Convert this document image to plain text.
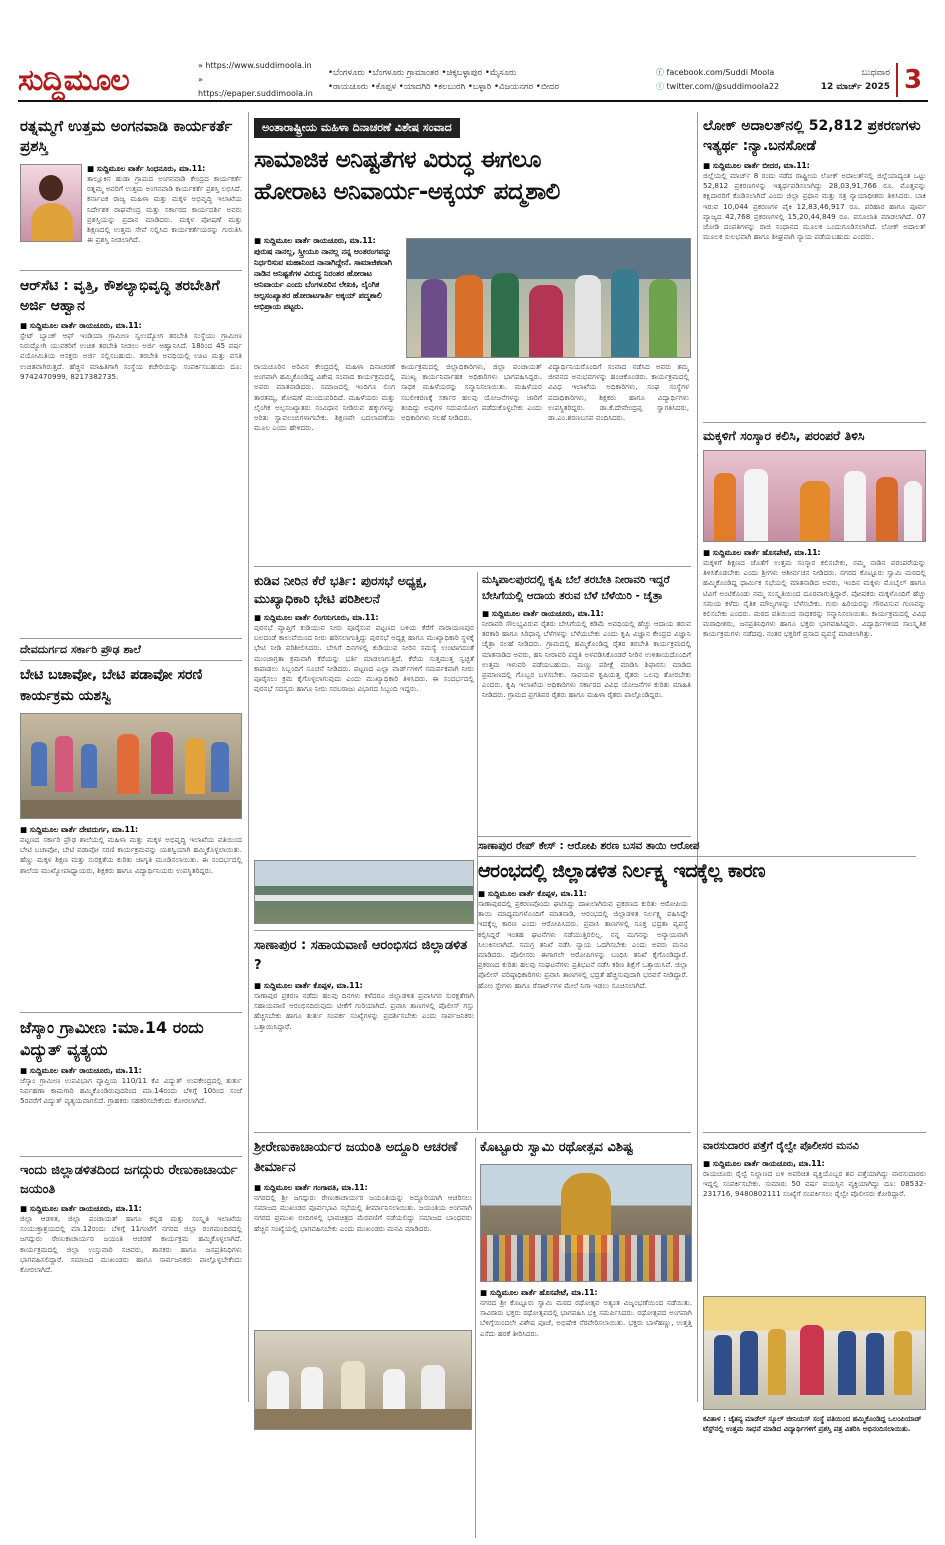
ಸುದ್ದಿಮೂಲ	» https://www.suddimoola.in
» https://epaper.suddimoola.in
•ಬೆಂಗಳೂರು •ಬೆಂಗಳೂರು ಗ್ರಾಮಾಂತರ •ಚಿಕ್ಕಬಳ್ಳಾಪುರ •ಮೈಸೂರು
•ರಾಯಚೂರು •ಕೊಪ್ಪಳ •ಯಾದಗಿರಿ •ಕಲಬುರಗಿ •ಬಳ್ಳಾರಿ •ವಿಜಯನಗರ •ಬೀದರ
ⓕ facebook.com/Suddi Moola
ⓣ twitter.com/@suddimoola22
ಬುಧವಾರ
12 ಮಾರ್ಚ್ 2025 3
ರತ್ನಮ್ಮಗೆ ಉತ್ತಮ ಅಂಗನವಾಡಿ ಕಾರ್ಯಕರ್ತೆ ಪ್ರಶಸ್ತಿ
■ ಸುದ್ದಿಮೂಲ ವಾರ್ತೆ ಸಿಂಧನೂರು, ಮಾ.11:
ತಾಲ್ಲೂಕಿನ ಹುಡಾ ಗ್ರಾಮದ ಅಂಗನವಾಡಿ ಕೇಂದ್ರದ ಕಾರ್ಯಕರ್ತೆ ರತ್ನಮ್ಮ ಅವರಿಗೆ ಉತ್ತಮ ಅಂಗನವಾಡಿ ಕಾರ್ಯಕರ್ತೆ ಪ್ರಶಸ್ತಿ ಲಭಿಸಿದೆ. ಕರ್ನಾಟಕ ರಾಜ್ಯ ಮಹಿಳಾ ಮತ್ತು ಮಕ್ಕಳ ಅಭಿವೃದ್ಧಿ ಇಲಾಖೆಯ ನಿರ್ದೇಶಕ ರಾಘವೇಂದ್ರ ಮತ್ತು ಸರ್ಕಾರದ ಕಾರ್ಯದರ್ಶಿ ಅವರು ಪ್ರಶಸ್ತಿಯನ್ನು ಪ್ರದಾನ ಮಾಡಿದರು. ಮಕ್ಕಳ ಪೋಷಣೆ ಮತ್ತು ಶಿಕ್ಷಣದಲ್ಲಿ ಉತ್ತಮ ಸೇವೆ ಸಲ್ಲಿಸಿದ ಕಾರ್ಯಕರ್ತೆಯರನ್ನು ಗುರುತಿಸಿ ಈ ಪ್ರಶಸ್ತಿ ನೀಡಲಾಗಿದೆ.
ಆರ್‌ಸೆಟಿ : ವೃತ್ತಿ, ಕೌಶಲ್ಯಾಭಿವೃದ್ಧಿ ತರಬೇತಿಗೆ ಅರ್ಜಿ ಆಹ್ವಾನ
■ ಸುದ್ದಿಮೂಲ ವಾರ್ತೆ ರಾಯಚೂರು, ಮಾ.11:
ಸ್ಟೇಟ್ ಬ್ಯಾಂಕ್ ಆಫ್ ಇಂಡಿಯಾ ಗ್ರಾಮೀಣ ಸ್ವಉದ್ಯೋಗ ತರಬೇತಿ ಸಂಸ್ಥೆಯು ಗ್ರಾಮೀಣ ನಿರುದ್ಯೋಗಿ ಯುವಕರಿಗೆ ಉಚಿತ ತರಬೇತಿ ನೀಡಲು ಅರ್ಜಿ ಆಹ್ವಾನಿಸಿದೆ. 18ರಿಂದ 45 ವರ್ಷ ವಯೋಮಿತಿಯ ಆಸಕ್ತರು ಅರ್ಜಿ ಸಲ್ಲಿಸಬಹುದು. ತರಬೇತಿ ಅವಧಿಯಲ್ಲಿ ಊಟ ಮತ್ತು ವಸತಿ ಉಚಿತವಾಗಿರುತ್ತದೆ. ಹೆಚ್ಚಿನ ಮಾಹಿತಿಗಾಗಿ ಸಂಸ್ಥೆಯ ಕಚೇರಿಯನ್ನು ಸಂಪರ್ಕಿಸಬಹುದು ದೂ: 9742470999, 8217382735.
ದೇವದುರ್ಗದ ಸರ್ಕಾರಿ ಪ್ರೌಢ ಶಾಲೆ
ಬೇಟಿ ಬಚಾವೋ, ಬೇಟಿ ಪಡಾವೋ ಸರಣಿ ಕಾರ್ಯಕ್ರಮ ಯಶಸ್ವಿ
■ ಸುದ್ದಿಮೂಲ ವಾರ್ತೆ ದೇವದುರ್ಗ, ಮಾ.11:
ಪಟ್ಟಣದ ಸರ್ಕಾರಿ ಪ್ರೌಢ ಶಾಲೆಯಲ್ಲಿ ಮಹಿಳಾ ಮತ್ತು ಮಕ್ಕಳ ಅಭಿವೃದ್ಧಿ ಇಲಾಖೆಯ ವತಿಯಿಂದ ಬೇಟಿ ಬಚಾವೋ, ಬೇಟಿ ಪಡಾವೋ ಸರಣಿ ಕಾರ್ಯಕ್ರಮವನ್ನು ಯಶಸ್ವಿಯಾಗಿ ಹಮ್ಮಿಕೊಳ್ಳಲಾಯಿತು. ಹೆಣ್ಣು ಮಕ್ಕಳ ಶಿಕ್ಷಣ ಮತ್ತು ಸುರಕ್ಷತೆಯ ಕುರಿತು ಜಾಗೃತಿ ಮೂಡಿಸಲಾಯಿತು. ಈ ಸಂದರ್ಭದಲ್ಲಿ ಶಾಲೆಯ ಮುಖ್ಯೋಪಾಧ್ಯಾಯರು, ಶಿಕ್ಷಕರು ಹಾಗೂ ವಿದ್ಯಾರ್ಥಿನಿಯರು ಉಪಸ್ಥಿತರಿದ್ದರು.
ಜೆಸ್ಕಾಂ ಗ್ರಾಮೀಣ :ಮಾ.14 ರಂದು ವಿದ್ಯುತ್ ವ್ಯತ್ಯಯ
■ ಸುದ್ದಿಮೂಲ ವಾರ್ತೆ ರಾಯಚೂರು, ಮಾ.11:
ಜೆಸ್ಕಾಂ ಗ್ರಾಮೀಣ ಉಪವಿಭಾಗ ವ್ಯಾಪ್ತಿಯ 110/11 ಕೆವಿ ವಿದ್ಯುತ್ ಉಪಕೇಂದ್ರದಲ್ಲಿ ತುರ್ತು ನಿರ್ವಹಣಾ ಕಾಮಗಾರಿ ಹಮ್ಮಿಕೊಂಡಿರುವುದರಿಂದ ಮಾ.14ರಂದು ಬೆಳಿಗ್ಗೆ 10ರಿಂದ ಸಂಜೆ 5ರವರೆಗೆ ವಿದ್ಯುತ್ ವ್ಯತ್ಯಯವಾಗಲಿದೆ. ಗ್ರಾಹಕರು ಸಹಕರಿಸಬೇಕೆಂದು ಕೋರಲಾಗಿದೆ.
ಇಂದು ಜಿಲ್ಲಾಡಳಿತದಿಂದ ಜಗದ್ಗುರು ರೇಣುಕಾಚಾರ್ಯ ಜಯಂತಿ
■ ಸುದ್ದಿಮೂಲ ವಾರ್ತೆ ರಾಯಚೂರು, ಮಾ.11:
ಜಿಲ್ಲಾ ಆಡಳಿತ, ಜಿಲ್ಲಾ ಪಂಚಾಯತ್ ಹಾಗೂ ಕನ್ನಡ ಮತ್ತು ಸಂಸ್ಕೃತಿ ಇಲಾಖೆಯ ಸಂಯುಕ್ತಾಶ್ರಯದಲ್ಲಿ ಮಾ.12ರಂದು ಬೆಳಿಗ್ಗೆ 11ಗಂಟೆಗೆ ನಗರದ ಜಿಲ್ಲಾ ರಂಗಮಂದಿರದಲ್ಲಿ ಜಗದ್ಗುರು ರೇಣುಕಾಚಾರ್ಯರ ಜಯಂತಿ ಆಚರಣೆ ಕಾರ್ಯಕ್ರಮ ಹಮ್ಮಿಕೊಳ್ಳಲಾಗಿದೆ. ಕಾರ್ಯಕ್ರಮದಲ್ಲಿ ಜಿಲ್ಲಾ ಉಸ್ತುವಾರಿ ಸಚಿವರು, ಶಾಸಕರು ಹಾಗೂ ಜನಪ್ರತಿನಿಧಿಗಳು ಭಾಗವಹಿಸಲಿದ್ದಾರೆ. ಸಮಾಜದ ಮುಖಂಡರು ಹಾಗೂ ಸಾರ್ವಜನಿಕರು ಪಾಲ್ಗೊಳ್ಳಬೇಕೆಂದು ಕೋರಲಾಗಿದೆ.
ಅಂತಾರಾಷ್ಟ್ರೀಯ ಮಹಿಳಾ ದಿನಾಚರಣೆ ವಿಶೇಷ ಸಂವಾದ
ಸಾಮಾಜಿಕ ಅನಿಷ್ಟತೆಗಳ ವಿರುದ್ಧ ಈಗಲೂ
ಹೋರಾಟ ಅನಿವಾರ್ಯ-ಅಕ್ಕಯ್ ಪದ್ಮಶಾಲಿ
■ ಸುದ್ದಿಮೂಲ ವಾರ್ತೆ ರಾಯಚೂರು, ಮಾ.11:
ಪುರುಷ ನಾನಲ್ಲ, ಸ್ತ್ರೀಯೂ ನಾನಲ್ಲ ನನ್ನ ಅಂತರಂಗವನ್ನು ನಿರ್ಧರಿಸುವ ಮಹಾನಿಂದ ನಾನಾಗಿದ್ದೇನೆ. ಸಾಮಾಜಿಕವಾಗಿ ನಾಡಿನ ಅನಿಷ್ಟತೆಗಳ ವಿರುದ್ಧ ನಿರಂತರ ಹೋರಾಟ ಅನಿವಾರ್ಯ ಎಂದು ಬೆಂಗಳೂರಿನ ಲೇಖಕಿ, ಲೈಂಗಿಕ ಅಲ್ಪಸಂಖ್ಯಾತರ ಹೋರಾಟಗಾರ್ತಿ ಅಕ್ಕಯ್ ಪದ್ಮಶಾಲಿ ಅಭಿಪ್ರಾಯ ಪಟ್ಟರು.
ರಾಯಚೂರಿನ ಅರಿವಿನ ಕೇಂದ್ರದಲ್ಲಿ ಮಹಿಳಾ ದಿನಾಚರಣೆ ಅಂಗವಾಗಿ ಹಮ್ಮಿಕೊಂಡಿದ್ದ ವಿಶೇಷ ಸಂವಾದ ಕಾರ್ಯಕ್ರಮದಲ್ಲಿ ಅವರು ಮಾತನಾಡಿದರು. ಸಮಾಜದಲ್ಲಿ ಇಂದಿಗೂ ಲಿಂಗ ತಾರತಮ್ಯ, ಶೋಷಣೆ ಮುಂದುವರಿದಿದೆ. ಮಹಿಳೆಯರು ಮತ್ತು ಲೈಂಗಿಕ ಅಲ್ಪಸಂಖ್ಯಾತರು ಸಂವಿಧಾನ ನೀಡಿರುವ ಹಕ್ಕುಗಳನ್ನು ಅರಿತು ಸ್ವಾವಲಂಬಿಗಳಾಗಬೇಕು. ಶಿಕ್ಷಣವೇ ಬದಲಾವಣೆಯ ಮೂಲ ಎಂದು ಹೇಳಿದರು.
ಕಾರ್ಯಕ್ರಮದಲ್ಲಿ ಜಿಲ್ಲಾಧಿಕಾರಿಗಳು, ಜಿಲ್ಲಾ ಪಂಚಾಯತ್ ಮುಖ್ಯ ಕಾರ್ಯನಿರ್ವಾಹಕ ಅಧಿಕಾರಿಗಳು ಭಾಗವಹಿಸಿದ್ದರು. ಸಾಧಕ ಮಹಿಳೆಯರನ್ನು ಸನ್ಮಾನಿಸಲಾಯಿತು. ಮಹಿಳೆಯರ ಸಬಲೀಕರಣಕ್ಕೆ ಸರ್ಕಾರ ಹಲವು ಯೋಜನೆಗಳನ್ನು ಜಾರಿಗೆ ತಂದಿದ್ದು ಅವುಗಳ ಸದುಪಯೋಗ ಪಡೆದುಕೊಳ್ಳಬೇಕು ಎಂದು ಅಧಿಕಾರಿಗಳು ಸಲಹೆ ನೀಡಿದರು.
ವಿದ್ಯಾರ್ಥಿನಿಯರೊಂದಿಗೆ ಸಂವಾದ ನಡೆಸಿದ ಅವರು ತಮ್ಮ ಜೀವನದ ಅನುಭವಗಳನ್ನು ಹಂಚಿಕೊಂಡರು. ಕಾರ್ಯಕ್ರಮದಲ್ಲಿ ವಿವಿಧ ಇಲಾಖೆಯ ಅಧಿಕಾರಿಗಳು, ಸಂಘ ಸಂಸ್ಥೆಗಳ ಪದಾಧಿಕಾರಿಗಳು, ಶಿಕ್ಷಕರು ಹಾಗೂ ವಿದ್ಯಾರ್ಥಿಗಳು ಉಪಸ್ಥಿತರಿದ್ದರು. ಡಾ.ಕೆ.ದೇವೇಂದ್ರಪ್ಪ ಸ್ವಾಗತಿಸಿದರು, ಡಾ.ಎಂ.ಶರಣಬಸವ ವಂದಿಸಿದರು.
ಕುಡಿವ ನೀರಿನ ಕೆರೆ ಭರ್ತಿ: ಪುರಸಭೆ ಅಧ್ಯಕ್ಷ, ಮುಖ್ಯಾಧಿಕಾರಿ ಭೇಟಿ ಪರಿಶೀಲನೆ
■ ಸುದ್ದಿಮೂಲ ವಾರ್ತೆ ಲಿಂಗಸುಗೂರು, ಮಾ.11:
ಪುರಸಭೆ ವ್ಯಾಪ್ತಿಗೆ ಕುಡಿಯುವ ನೀರು ಪೂರೈಸುವ ಪಟ್ಟಣದ ಬಳಿಯ ಕೆರೆಗೆ ನಾರಾಯಣಪುರ ಬಲದಂಡೆ ಕಾಲುವೆಯಿಂದ ನೀರು ಹರಿಸಲಾಗುತ್ತಿದ್ದು ಪುರಸಭೆ ಅಧ್ಯಕ್ಷ ಹಾಗೂ ಮುಖ್ಯಾಧಿಕಾರಿ ಸ್ಥಳಕ್ಕೆ ಭೇಟಿ ನೀಡಿ ಪರಿಶೀಲಿಸಿದರು. ಬೇಸಿಗೆ ದಿನಗಳಲ್ಲಿ ಕುಡಿಯುವ ನೀರಿನ ಸಮಸ್ಯೆ ಉಂಟಾಗದಂತೆ ಮುಂಜಾಗ್ರತಾ ಕ್ರಮವಾಗಿ ಕೆರೆಯನ್ನು ಭರ್ತಿ ಮಾಡಲಾಗುತ್ತಿದೆ. ಕೆರೆಯ ಸುತ್ತಮುತ್ತ ಸ್ವಚ್ಛತೆ ಕಾಪಾಡಲು ಸಿಬ್ಬಂದಿಗೆ ಸೂಚನೆ ನೀಡಿದರು. ಪಟ್ಟಣದ ಎಲ್ಲಾ ವಾರ್ಡ್‌ಗಳಿಗೆ ಸಮರ್ಪಕವಾಗಿ ನೀರು ಪೂರೈಸಲು ಕ್ರಮ ಕೈಗೊಳ್ಳಲಾಗುವುದು ಎಂದು ಮುಖ್ಯಾಧಿಕಾರಿ ತಿಳಿಸಿದರು. ಈ ಸಂದರ್ಭದಲ್ಲಿ ಪುರಸಭೆ ಸದಸ್ಯರು ಹಾಗೂ ನೀರು ಸರಬರಾಜು ವಿಭಾಗದ ಸಿಬ್ಬಂದಿ ಇದ್ದರು.
ಸಾಣಾಪುರ : ಸಹಾಯವಾಣಿ ಆರಂಭಿಸದ ಜಿಲ್ಲಾಡಳಿತ ?
■ ಸುದ್ದಿಮೂಲ ವಾರ್ತೆ ಕೊಪ್ಪಳ, ಮಾ.11:
ಸಾಣಾಪುರ ಪ್ರಕರಣ ನಡೆದು ಹಲವು ದಿನಗಳು ಕಳೆದರೂ ಜಿಲ್ಲಾಡಳಿತ ಪ್ರವಾಸಿಗರ ಸುರಕ್ಷತೆಗಾಗಿ ಸಹಾಯವಾಣಿ ಆರಂಭಿಸದಿರುವುದು ಟೀಕೆಗೆ ಗುರಿಯಾಗಿದೆ. ಪ್ರವಾಸಿ ತಾಣಗಳಲ್ಲಿ ಪೊಲೀಸ್ ಗಸ್ತು ಹೆಚ್ಚಿಸಬೇಕು ಹಾಗೂ ತುರ್ತು ಸಂಪರ್ಕ ಸಂಖ್ಯೆಗಳನ್ನು ಪ್ರದರ್ಶಿಸಬೇಕು ಎಂದು ಸಾರ್ವಜನಿಕರು ಒತ್ತಾಯಿಸಿದ್ದಾರೆ.
ಮಸ್ಕಿಪಾಲಪುರದಲ್ಲಿ ಕೃಷಿ ಬೆಲೆ ತರಬೇತಿ ನೀರಾವರಿ ಇದ್ದರೆ ಬೇಸಿಗೆಯಲ್ಲಿ ಆದಾಯ ತರುವ ಬೆಳೆ ಬೆಳೆಯಿರಿ - ಚೈತ್ರಾ
■ ಸುದ್ದಿಮೂಲ ವಾರ್ತೆ ರಾಯಚೂರು, ಮಾ.11:
ನೀರಾವರಿ ಸೌಲಭ್ಯವಿರುವ ರೈತರು ಬೇಸಿಗೆಯಲ್ಲಿ ಕಡಿಮೆ ಅವಧಿಯಲ್ಲಿ ಹೆಚ್ಚು ಆದಾಯ ತರುವ ತರಕಾರಿ ಹಾಗೂ ಸಿರಿಧಾನ್ಯ ಬೆಳೆಗಳನ್ನು ಬೆಳೆಯಬೇಕು ಎಂದು ಕೃಷಿ ವಿಜ್ಞಾನ ಕೇಂದ್ರದ ವಿಜ್ಞಾನಿ ಚೈತ್ರಾ ಸಲಹೆ ನೀಡಿದರು. ಗ್ರಾಮದಲ್ಲಿ ಹಮ್ಮಿಕೊಂಡಿದ್ದ ರೈತರ ತರಬೇತಿ ಕಾರ್ಯಕ್ರಮದಲ್ಲಿ ಮಾತನಾಡಿದ ಅವರು, ಹನಿ ನೀರಾವರಿ ಪದ್ಧತಿ ಅಳವಡಿಸಿಕೊಂಡರೆ ನೀರಿನ ಉಳಿತಾಯದೊಂದಿಗೆ ಉತ್ತಮ ಇಳುವರಿ ಪಡೆಯಬಹುದು. ಮಣ್ಣು ಪರೀಕ್ಷೆ ಮಾಡಿಸಿ ಶಿಫಾರಸು ಮಾಡಿದ ಪ್ರಮಾಣದಲ್ಲಿ ಗೊಬ್ಬರ ಬಳಸಬೇಕು. ಸಾವಯವ ಕೃಷಿಯತ್ತ ರೈತರು ಒಲವು ತೋರಬೇಕು ಎಂದರು. ಕೃಷಿ ಇಲಾಖೆಯ ಅಧಿಕಾರಿಗಳು ಸರ್ಕಾರದ ವಿವಿಧ ಯೋಜನೆಗಳ ಕುರಿತು ಮಾಹಿತಿ ನೀಡಿದರು. ಗ್ರಾಮದ ಪ್ರಗತಿಪರ ರೈತರು ಹಾಗೂ ಮಹಿಳಾ ರೈತರು ಪಾಲ್ಗೊಂಡಿದ್ದರು.
ಸಾಣಾಪುರ ರೇಪ್ ಕೇಸ್ : ಆರೋಪಿ ಶರಣ ಬಸವ ತಾಯಿ ಆರೋಪ
ಆರಂಭದಲ್ಲಿ ಜಿಲ್ಲಾಡಳಿತ ನಿರ್ಲಕ್ಷ್ಯ ಇದಕ್ಕೆಲ್ಲ ಕಾರಣ
■ ಸುದ್ದಿಮೂಲ ವಾರ್ತೆ ಕೊಪ್ಪಳ, ಮಾ.11:
ಸಾಣಾಪುರದಲ್ಲಿ ಪ್ರಕರಣವೊಂದು ಘಟಿಸಿದ್ದು ದಾಖಲಾಗಿರುವ ಪ್ರಕರಣದ ಕುರಿತು ಆರೋಪಿಯ ತಾಯಿ ಮಾಧ್ಯಮಗಳೊಂದಿಗೆ ಮಾತನಾಡಿ, ಆರಂಭದಲ್ಲಿ ಜಿಲ್ಲಾಡಳಿತ ನಿರ್ಲಕ್ಷ್ಯ ವಹಿಸಿದ್ದೇ ಇದಕ್ಕೆಲ್ಲ ಕಾರಣ ಎಂದು ಆರೋಪಿಸಿದರು. ಪ್ರವಾಸಿ ತಾಣಗಳಲ್ಲಿ ಸೂಕ್ತ ಭದ್ರತಾ ವ್ಯವಸ್ಥೆ ಕಲ್ಪಿಸಿದ್ದರೆ ಇಂತಹ ಘಟನೆಗಳು ನಡೆಯುತ್ತಿರಲಿಲ್ಲ. ನನ್ನ ಮಗನನ್ನು ಅನ್ಯಾಯವಾಗಿ ಸಿಲುಕಿಸಲಾಗಿದೆ. ಸಮಗ್ರ ತನಿಖೆ ನಡೆಸಿ ನ್ಯಾಯ ಒದಗಿಸಬೇಕು ಎಂದು ಅವರು ಮನವಿ ಮಾಡಿದರು. ಪೊಲೀಸರು ಈಗಾಗಲೇ ಆರೋಪಿಗಳನ್ನು ಬಂಧಿಸಿ ತನಿಖೆ ಕೈಗೊಂಡಿದ್ದಾರೆ. ಪ್ರಕರಣದ ಕುರಿತು ಹಲವು ಸಂಘಟನೆಗಳು ಪ್ರತಿಭಟನೆ ನಡೆಸಿ ಕಠಿಣ ಶಿಕ್ಷೆಗೆ ಒತ್ತಾಯಿಸಿವೆ. ಜಿಲ್ಲಾ ಪೊಲೀಸ್ ವರಿಷ್ಠಾಧಿಕಾರಿಗಳು ಪ್ರವಾಸಿ ತಾಣಗಳಲ್ಲಿ ಭದ್ರತೆ ಹೆಚ್ಚಿಸುವುದಾಗಿ ಭರವಸೆ ನೀಡಿದ್ದಾರೆ. ಹೋಂ ಸ್ಟೇಗಳು ಹಾಗೂ ರೆಸಾರ್ಟ್‌ಗಳ ಮೇಲೆ ನಿಗಾ ಇಡಲು ಸೂಚಿಸಲಾಗಿದೆ.
ಶ್ರೀರೇಣುಕಾಚಾರ್ಯರ ಜಯಂತಿ ಅದ್ದೂರಿ ಆಚರಣೆ ತೀರ್ಮಾನ
■ ಸುದ್ದಿಮೂಲ ವಾರ್ತೆ ಗಂಗಾವತಿ, ಮಾ.11:
ನಗರದಲ್ಲಿ ಶ್ರೀ ಜಗದ್ಗುರು ರೇಣುಕಾಚಾರ್ಯರ ಜಯಂತಿಯನ್ನು ಅದ್ದೂರಿಯಾಗಿ ಆಚರಿಸಲು ಸಮಾಜದ ಮುಖಂಡರ ಪೂರ್ವಭಾವಿ ಸಭೆಯಲ್ಲಿ ತೀರ್ಮಾನಿಸಲಾಯಿತು. ಜಯಂತಿಯ ಅಂಗವಾಗಿ ನಗರದ ಪ್ರಮುಖ ಬೀದಿಗಳಲ್ಲಿ ಭಾವಚಿತ್ರದ ಮೆರವಣಿಗೆ ನಡೆಯಲಿದ್ದು ಸಮಾಜದ ಬಾಂಧವರು ಹೆಚ್ಚಿನ ಸಂಖ್ಯೆಯಲ್ಲಿ ಭಾಗವಹಿಸಬೇಕು ಎಂದು ಮುಖಂಡರು ಮನವಿ ಮಾಡಿದರು.
ಕೊಟ್ಟೂರು ಸ್ವಾಮಿ ರಥೋತ್ಸವ ವಿಶಿಷ್ಟ
■ ಸುದ್ದಿಮೂಲ ವಾರ್ತೆ ಹೊಸಪೇಟೆ, ಮಾ.11:
ನಗರದ ಶ್ರೀ ಕೊಟ್ಟೂರು ಸ್ವಾಮಿ ಮಠದ ರಥೋತ್ಸವ ಅತ್ಯಂತ ವಿಜೃಂಭಣೆಯಿಂದ ನಡೆಯಿತು. ಸಾವಿರಾರು ಭಕ್ತರು ರಥೋತ್ಸವದಲ್ಲಿ ಭಾಗವಹಿಸಿ ಭಕ್ತಿ ಸಮರ್ಪಿಸಿದರು. ರಥೋತ್ಸವದ ಅಂಗವಾಗಿ ಬೆಳಿಗ್ಗೆಯಿಂದಲೇ ವಿಶೇಷ ಪೂಜೆ, ಅಭಿಷೇಕ ನೆರವೇರಿಸಲಾಯಿತು. ಭಕ್ತರು ಬಾಳೆಹಣ್ಣು, ಉತ್ತತ್ತಿ ಎಸೆದು ಹರಕೆ ತೀರಿಸಿದರು.
ಲೋಕ್ ಅದಾಲತ್‌ನಲ್ಲಿ 52,812 ಪ್ರಕರಣಗಳು ಇತ್ಯರ್ಥ :ನ್ಯಾ.ಬನಸೋಡೆ
■ ಸುದ್ದಿಮೂಲ ವಾರ್ತೆ ಬೀದರ, ಮಾ.11:
ಜಿಲ್ಲೆಯಲ್ಲಿ ಮಾರ್ಚ್ 8 ರಂದು ನಡೆದ ರಾಷ್ಟ್ರೀಯ ಲೋಕ್ ಅದಾಲತ್‌ನಲ್ಲಿ ಜಿಲ್ಲೆಯಾದ್ಯಂತ ಒಟ್ಟು 52,812 ಪ್ರಕರಣಗಳನ್ನು ಇತ್ಯರ್ಥಪಡಿಸಲಾಗಿದ್ದು 28,03,91,766 ರೂ. ಮೊತ್ತವನ್ನು ಕಕ್ಷಿದಾರರಿಗೆ ಕೊಡಿಸಲಾಗಿದೆ ಎಂದು ಜಿಲ್ಲಾ ಪ್ರಧಾನ ಮತ್ತು ಸತ್ರ ನ್ಯಾಯಾಧೀಶರು ತಿಳಿಸಿದರು. ಬಾಕಿ ಇರುವ 10,044 ಪ್ರಕರಣಗಳ ಪೈಕಿ 12,83,46,917 ರೂ. ಪರಿಹಾರ ಹಾಗೂ ಪೂರ್ವ ವ್ಯಾಜ್ಯದ 42,768 ಪ್ರಕರಣಗಳಲ್ಲಿ 15,20,44,849 ರೂ. ವಸೂಲಾತಿ ಮಾಡಲಾಗಿದೆ. 07 ಜೋಡಿ ದಂಪತಿಗಳನ್ನು ರಾಜಿ ಸಂಧಾನದ ಮೂಲಕ ಒಂದುಗೂಡಿಸಲಾಗಿದೆ. ಲೋಕ್ ಅದಾಲತ್ ಮೂಲಕ ಸುಲಭವಾಗಿ ಹಾಗೂ ಶೀಘ್ರವಾಗಿ ನ್ಯಾಯ ಪಡೆಯಬಹುದು ಎಂದರು.
ಮಕ್ಕಳಿಗೆ ಸಂಸ್ಕಾರ ಕಲಿಸಿ, ಪರಂಪರೆ ತಿಳಿಸಿ
■ ಸುದ್ದಿಮೂಲ ವಾರ್ತೆ ಹೊಸಪೇಟೆ, ಮಾ.11:
ಮಕ್ಕಳಿಗೆ ಶಿಕ್ಷಣದ ಜೊತೆಗೆ ಉತ್ತಮ ಸಂಸ್ಕಾರ ಕಲಿಸಬೇಕು, ನಮ್ಮ ನಾಡಿನ ಪರಂಪರೆಯನ್ನು ತಿಳಿಸಿಕೊಡಬೇಕು ಎಂದು ಶ್ರೀಗಳು ಆಶೀರ್ವಚನ ನೀಡಿದರು. ನಗರದ ಕೊಟ್ಟೂರು ಸ್ವಾಮಿ ಮಠದಲ್ಲಿ ಹಮ್ಮಿಕೊಂಡಿದ್ದ ಧಾರ್ಮಿಕ ಸಭೆಯಲ್ಲಿ ಮಾತನಾಡಿದ ಅವರು, ಇಂದಿನ ಮಕ್ಕಳು ಮೊಬೈಲ್ ಹಾಗೂ ಟಿವಿಗೆ ಅಂಟಿಕೊಂಡು ನಮ್ಮ ಸಂಸ್ಕೃತಿಯಿಂದ ದೂರವಾಗುತ್ತಿದ್ದಾರೆ. ಪೋಷಕರು ಮಕ್ಕಳೊಂದಿಗೆ ಹೆಚ್ಚು ಸಮಯ ಕಳೆದು ನೈತಿಕ ಮೌಲ್ಯಗಳನ್ನು ಬೆಳೆಸಬೇಕು. ಗುರು ಹಿರಿಯರನ್ನು ಗೌರವಿಸುವ ಗುಣವನ್ನು ಕಲಿಸಬೇಕು ಎಂದರು. ಮಠದ ವತಿಯಿಂದ ಸಾಧಕರನ್ನು ಸನ್ಮಾನಿಸಲಾಯಿತು. ಕಾರ್ಯಕ್ರಮದಲ್ಲಿ ವಿವಿಧ ಮಠಾಧೀಶರು, ಜನಪ್ರತಿನಿಧಿಗಳು ಹಾಗೂ ಭಕ್ತರು ಭಾಗವಹಿಸಿದ್ದರು. ವಿದ್ಯಾರ್ಥಿಗಳಿಂದ ಸಾಂಸ್ಕೃತಿಕ ಕಾರ್ಯಕ್ರಮಗಳು ನಡೆದವು. ನಂತರ ಭಕ್ತರಿಗೆ ಪ್ರಸಾದ ವ್ಯವಸ್ಥೆ ಮಾಡಲಾಗಿತ್ತು.
ವಾರಸುದಾರರ ಪತ್ತೆಗೆ ರೈಲ್ವೇ ಪೊಲೀಸರ ಮನವಿ
■ ಸುದ್ದಿಮೂಲ ವಾರ್ತೆ ರಾಯಚೂರು, ಮಾ.11:
ರಾಯಚೂರು ರೈಲ್ವೆ ನಿಲ್ದಾಣದ ಬಳಿ ಅಪರಿಚಿತ ವ್ಯಕ್ತಿಯೊಬ್ಬರ ಶವ ಪತ್ತೆಯಾಗಿದ್ದು ವಾರಸುದಾರರು ಇದ್ದಲ್ಲಿ ಸಂಪರ್ಕಿಸಬೇಕು. ಸುಮಾರು 50 ವರ್ಷ ವಯಸ್ಸಿನ ವ್ಯಕ್ತಿಯಾಗಿದ್ದು ದೂ: 08532-231716, 9480802111 ಸಂಖ್ಯೆಗೆ ಸಂಪರ್ಕಿಸಲು ರೈಲ್ವೇ ಪೊಲೀಸರು ಕೋರಿದ್ದಾರೆ.
ಕವಿತಾಳ : ಚೈತನ್ಯ ಮಾಡೆಲ್ ಸ್ಕೂಲ್ ಜೀನಿಯಸ್ ಸಂಸ್ಥೆ ವತಿಯಿಂದ ಹಮ್ಮಿಕೊಂಡಿದ್ದ ಒಲಂಪಿಯಾಡ್ ಟೆಸ್ಟ್‌ನಲ್ಲಿ ಉತ್ತಮ ಸಾಧನೆ ಮಾಡಿದ ವಿದ್ಯಾರ್ಥಿಗಳಿಗೆ ಪ್ರಶಸ್ತಿ ಪತ್ರ ವಿತರಿಸಿ ಅಭಿನಂದಿಸಲಾಯಿತು.
